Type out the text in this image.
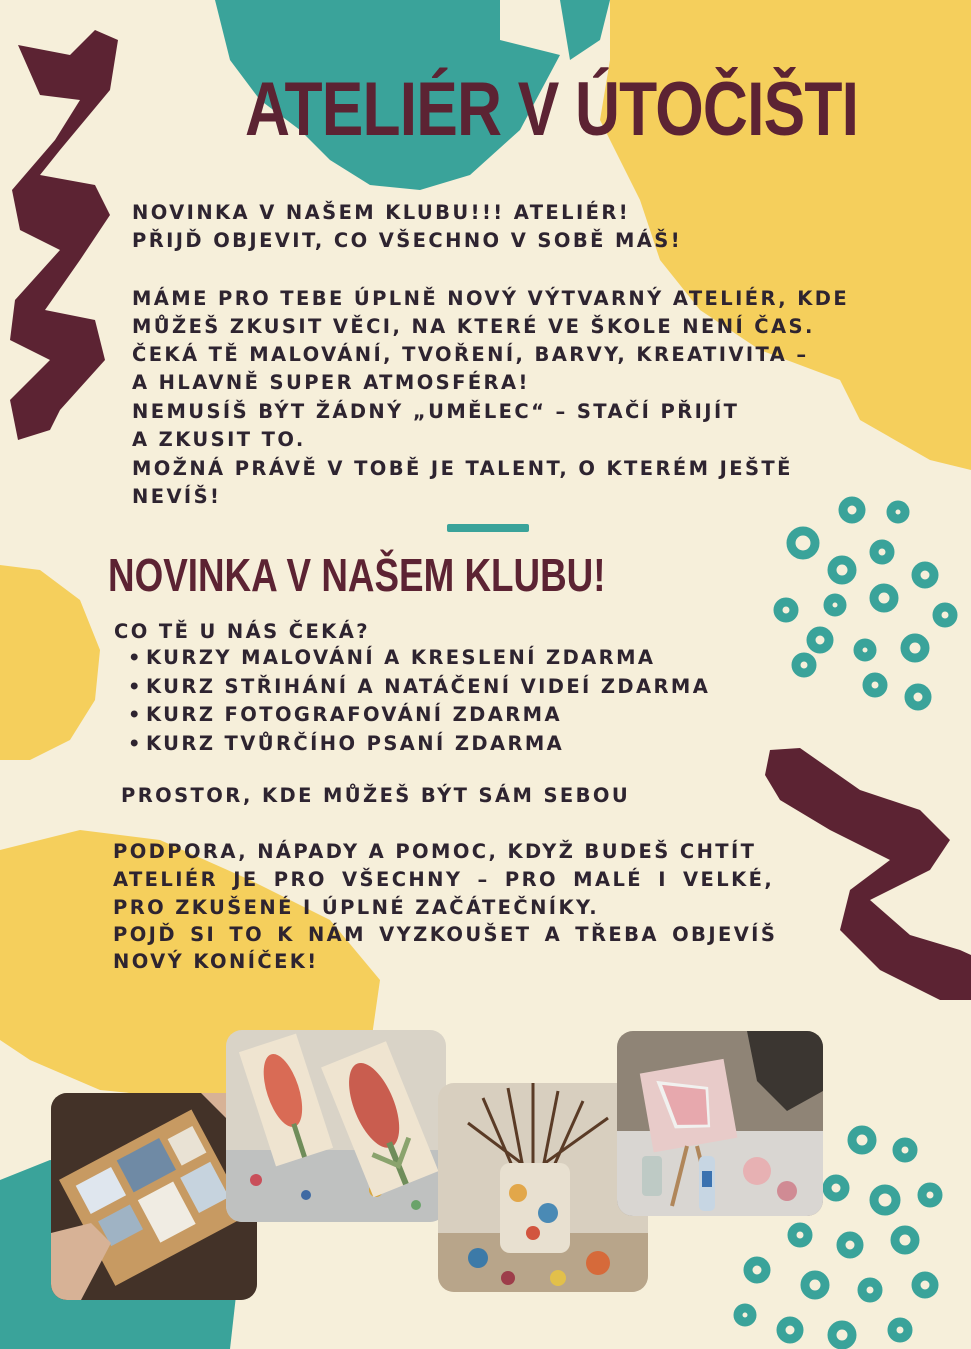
ATELIÉR V ÚTOČIŠTI

NOVINKA V NAŠEM KLUBU!!! ATELIÉR!

PŘIJĎ OBJEVIT, CO VŠECHNO V SOBĚ MÁŠ!

MÁME PRO TEBE ÚPLNĚ NOVÝ VÝTVARNÝ ATELIÉR, KDE

MŮŽEŠ ZKUSIT VĚCI, NA KTERÉ VE ŠKOLE NENÍ ČAS.

ČEKÁ TĚ MALOVÁNÍ, TVOŘENÍ, BARVY, KREATIVITA –

A HLAVNĚ SUPER ATMOSFÉRA!

NEMUSÍŠ BÝT ŽÁDNÝ „UMĚLEC“ – STAČÍ PŘIJÍT

A ZKUSIT TO.

MOŽNÁ PRÁVĚ V TOBĚ JE TALENT, O KTERÉM JEŠTĚ

NEVÍŠ!

NOVINKA V NAŠEM KLUBU!

CO TĚ U NÁS ČEKÁ?

• KURZY MALOVÁNÍ A KRESLENÍ ZDARMA
• KURZ STŘIHÁNÍ A NATÁČENÍ VIDEÍ ZDARMA
• KURZ FOTOGRAFOVÁNÍ ZDARMA
• KURZ TVŮRČÍHO PSANÍ ZDARMA

PROSTOR, KDE MŮŽEŠ BÝT SÁM SEBOU

PODPORA, NÁPADY A POMOC, KDYŽ BUDEŠ CHTÍT

ATELIÉR JE PRO VŠECHNY – PRO MALÉ I VELKÉ,

PRO ZKUŠENÉ I ÚPLNÉ ZAČÁTEČNÍKY.

POJĎ SI TO K NÁM VYZKOUŠET A TŘEBA OBJEVÍŠ

NOVÝ KONÍČEK!
